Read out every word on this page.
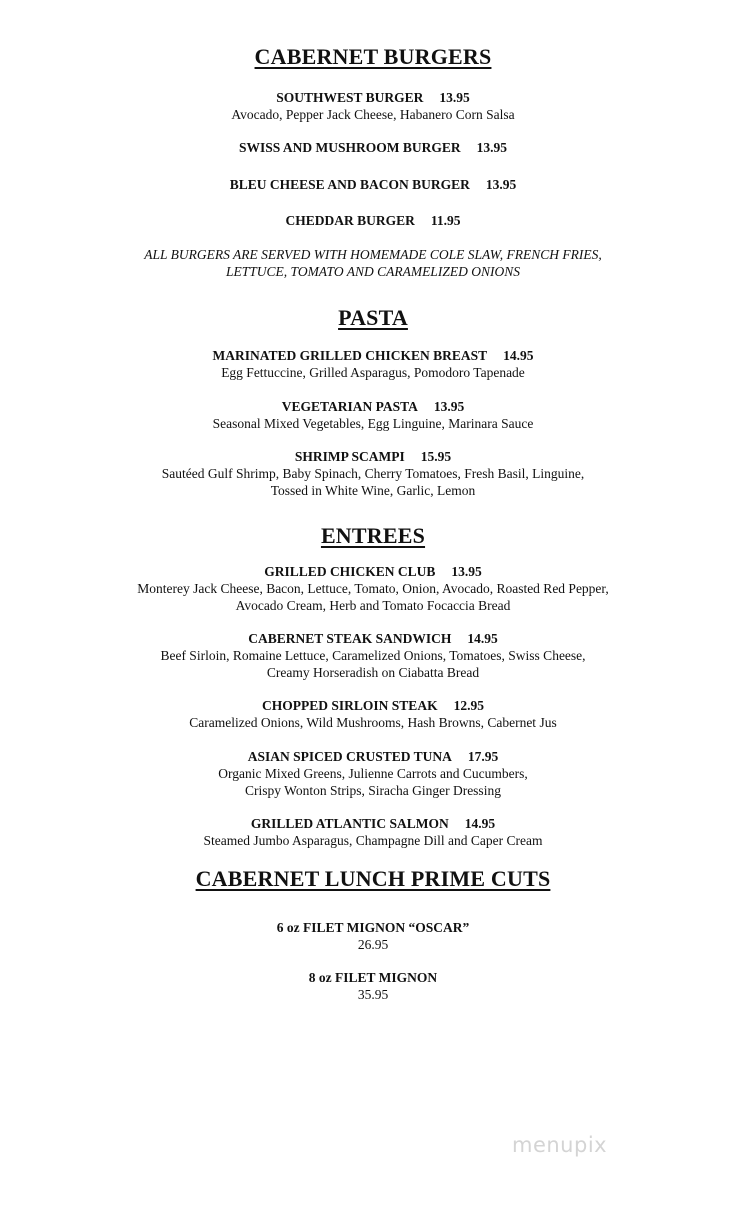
CABERNET BURGERS
SOUTHWEST BURGER 13.95
Avocado, Pepper Jack Cheese, Habanero Corn Salsa
SWISS AND MUSHROOM BURGER 13.95
BLEU CHEESE AND BACON BURGER 13.95
CHEDDAR BURGER 11.95
ALL BURGERS ARE SERVED WITH HOMEMADE COLE SLAW, FRENCH FRIES,
LETTUCE, TOMATO AND CARAMELIZED ONIONS
PASTA
MARINATED GRILLED CHICKEN BREAST 14.95
Egg Fettuccine, Grilled Asparagus, Pomodoro Tapenade
VEGETARIAN PASTA 13.95
Seasonal Mixed Vegetables, Egg Linguine, Marinara Sauce
SHRIMP SCAMPI 15.95
Sautéed Gulf Shrimp, Baby Spinach, Cherry Tomatoes, Fresh Basil, Linguine,
Tossed in White Wine, Garlic, Lemon
ENTREES
GRILLED CHICKEN CLUB 13.95
Monterey Jack Cheese, Bacon, Lettuce, Tomato, Onion, Avocado, Roasted Red Pepper,
Avocado Cream, Herb and Tomato Focaccia Bread
CABERNET STEAK SANDWICH 14.95
Beef Sirloin, Romaine Lettuce, Caramelized Onions, Tomatoes, Swiss Cheese,
Creamy Horseradish on Ciabatta Bread
CHOPPED SIRLOIN STEAK 12.95
Caramelized Onions, Wild Mushrooms, Hash Browns, Cabernet Jus
ASIAN SPICED CRUSTED TUNA 17.95
Organic Mixed Greens, Julienne Carrots and Cucumbers,
Crispy Wonton Strips, Siracha Ginger Dressing
GRILLED ATLANTIC SALMON 14.95
Steamed Jumbo Asparagus, Champagne Dill and Caper Cream
CABERNET LUNCH PRIME CUTS
6 oz FILET MIGNON “OSCAR”
26.95
8 oz FILET MIGNON
35.95
menupix
